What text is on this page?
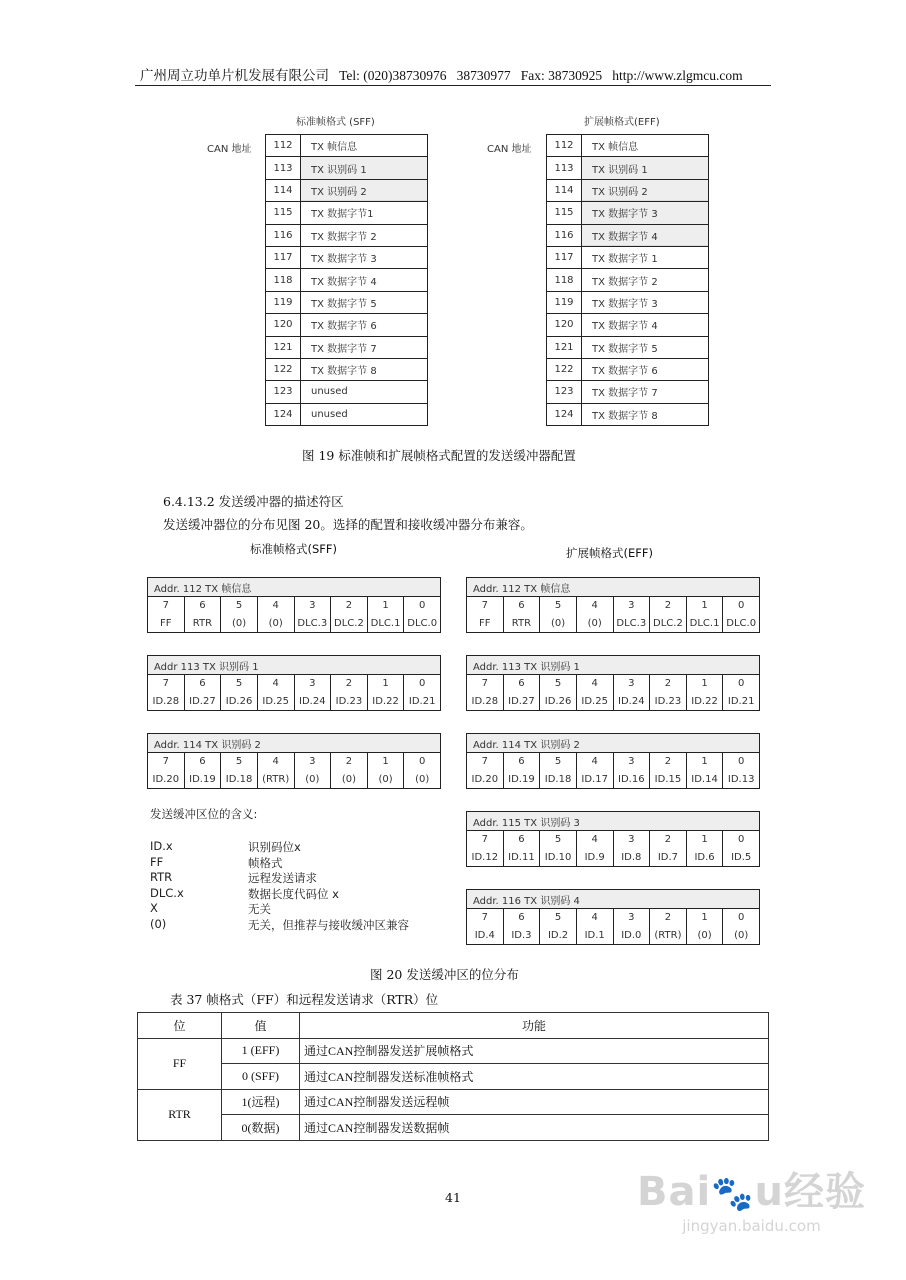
广州周立功单片机发展有限公司 Tel: (020)38730976   38730977   Fax: 38730925   http://www.zlgmcu.com
标准帧格式 (SFF)	扩展帧格式(EFF)
CAN 地址	CAN 地址
112	TX 帧信息
113	TX 识别码 1
114	TX 识别码 2
115	TX 数据字节1
116	TX 数据字节 2
117	TX 数据字节 3
118	TX 数据字节 4
119	TX 数据字节 5
120	TX 数据字节 6
121	TX 数据字节 7
122	TX 数据字节 8
123	unused
124	unused
112	TX 帧信息
113	TX 识别码 1
114	TX 识别码 2
115	TX 数据字节 3
116	TX 数据字节 4
117	TX 数据字节 1
118	TX 数据字节 2
119	TX 数据字节 3
120	TX 数据字节 4
121	TX 数据字节 5
122	TX 数据字节 6
123	TX 数据字节 7
124	TX 数据字节 8
图 19 标准帧和扩展帧格式配置的发送缓冲器配置
6.4.13.2 发送缓冲器的描述符区
发送缓冲器位的分布见图 20。选择的配置和接收缓冲器分布兼容。
标准帧格式(SFF)	扩展帧格式(EFF)
Addr. 112 TX 帧信息							
7	6	5	4	3	2	1	0
FF	RTR	(0)	(0)	DLC.3	DLC.2	DLC.1	DLC.0
Addr 113 TX 识别码 1							
7	6	5	4	3	2	1	0
ID.28	ID.27	ID.26	ID.25	ID.24	ID.23	ID.22	ID.21
Addr. 114 TX 识别码 2							
7	6	5	4	3	2	1	0
ID.20	ID.19	ID.18	(RTR)	(0)	(0)	(0)	(0)
Addr. 112 TX 帧信息							
7	6	5	4	3	2	1	0
FF	RTR	(0)	(0)	DLC.3	DLC.2	DLC.1	DLC.0
Addr. 113 TX 识别码 1							
7	6	5	4	3	2	1	0
ID.28	ID.27	ID.26	ID.25	ID.24	ID.23	ID.22	ID.21
Addr. 114 TX 识别码 2							
7	6	5	4	3	2	1	0
ID.20	ID.19	ID.18	ID.17	ID.16	ID.15	ID.14	ID.13
Addr. 115 TX 识别码 3							
7	6	5	4	3	2	1	0
ID.12	ID.11	ID.10	ID.9	ID.8	ID.7	ID.6	ID.5
Addr. 116 TX 识别码 4							
7	6	5	4	3	2	1	0
ID.4	ID.3	ID.2	ID.1	ID.0	(RTR)	(0)	(0)
发送缓冲区位的含义:
ID.x	识别码位x
FF	帧格式
RTR	远程发送请求
DLC.x	数据长度代码位 x
X	无关
(0)	无关，但推荐与接收缓冲区兼容
图 20 发送缓冲区的位分布
表 37 帧格式（FF）和远程发送请求（RTR）位
位	值	功能
FF	1 (EFF)	通过CAN控制器发送扩展帧格式
	0 (SFF)	通过CAN控制器发送标准帧格式
RTR	1(远程)	通过CAN控制器发送远程帧
	0(数据)	通过CAN控制器发送数据帧
41	Bai🐾u经验
jingyan.baidu.com
